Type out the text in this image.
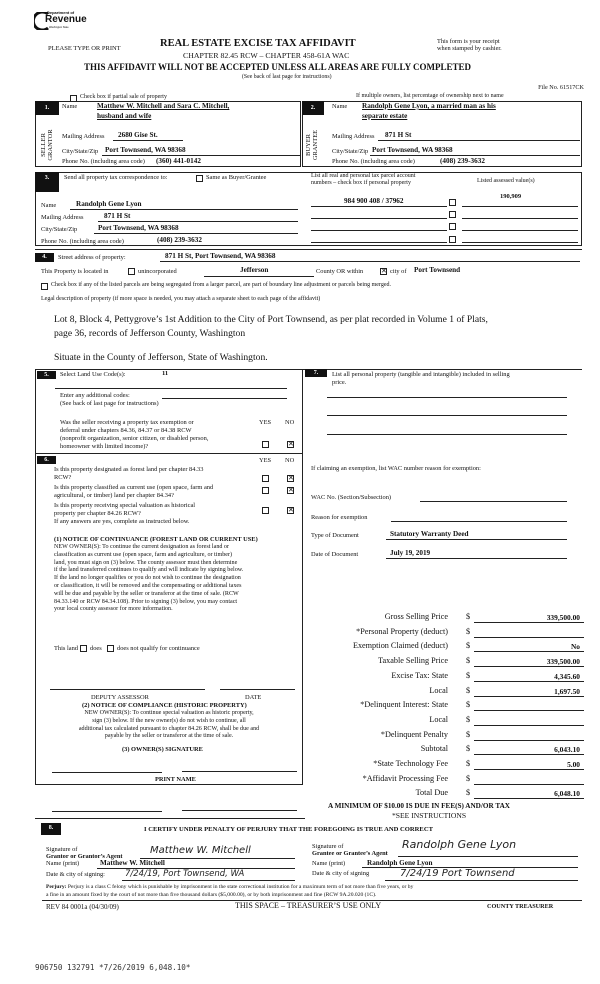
Department of
Revenue
Washington State
PLEASE TYPE OR PRINT	REAL ESTATE EXCISE TAX AFFIDAVIT
CHAPTER 82.45 RCW – CHAPTER 458-61A WAC
This form is your receipt
when stamped by cashier.
THIS AFFIDAVIT WILL NOT BE ACCEPTED UNLESS ALL AREAS ARE FULLY COMPLETED
(See back of last page for instructions)
File No. 61517CK
Check box if partial sale of property	If multiple owners, list percentage of ownership next to name
1.
SELLER GRANTOR
Name	Matthew W. Mitchell and Sara C. Mitchell,
husband and wife
Mailing Address 2680 Gise St.
City/State/Zip Port Townsend, WA 98368
Phone No. (including area code) (360) 441-0142
2.
BUYER GRANTEE
Name Randolph Gene Lyon, a married man as his
separate estate
Mailing Address 871 H St
City/State/Zip Port Townsend, WA 98368
Phone No. (including area code)	(408) 239-3632
3.	Send all property tax correspondence to:	Same as Buyer/Grantee
Name	Randolph Gene Lyon
Mailing Address	871 H St
City/State/Zip	Port Townsend, WA 98368
Phone No. (including area code)	(408) 239-3632
List all real and personal tax parcel account
numbers – check box if personal property	Listed assessed value(s)
984 900 408 / 37962
190,909
4.	Street address of property:	871 H St, Port Townsend, WA 98368
This Property is located in	unincorporated	Jefferson	County OR within	✕ city of Port Townsend
Check box if any of the listed parcels are being segregated from a larger parcel, are part of boundary line adjustment or parcels being merged.
Legal description of property (if more space is needed, you may attach a separate sheet to each page of the affidavit)
Lot 8, Block 4, Pettygrove’s 1st Addition to the City of Port Townsend, as per plat recorded in Volume 1 of Plats,
page 36, records of Jefferson County, Washington
Situate in the County of Jefferson, State of Washington.
5.	Select Land Use Code(s):	11
Enter any additional codes:
(See back of last page for instructions)
Was the seller receiving a property tax exemption or
deferral under chapters 84.36, 84.37 or 84.38 RCW
(nonprofit organization, senior citizen, or disabled person,
homeowner with limited income)?
YES NO
✕
6.	YES NO
Is this property designated as forest land per chapter 84.33
RCW?	✕
Is this property classified as current use (open space, farm and
agricultural, or timber) land per chapter 84.34?
✕
Is this property receiving special valuation as historical
property per chapter 84.26 RCW?	✕
If any answers are yes, complete as instructed below.
(1) NOTICE OF CONTINUANCE (FOREST LAND OR CURRENT USE)
NEW OWNER(S): To continue the current designation as forest land or
classification as current use (open space, farm and agriculture, or timber)
land, you must sign on (3) below. The county assessor must then determine
if the land transferred continues to qualify and will indicate by signing below.
If the land no longer qualifies or you do not wish to continue the designation
or classification, it will be removed and the compensating or additional taxes
will be due and payable by the seller or transferor at the time of sale. (RCW
84.33.140 or RCW 84.34.108). Prior to signing (3) below, you may contact
your local county assessor for more information.
This land does does not qualify for continuance
DEPUTY ASSESSOR	DATE
(2) NOTICE OF COMPLIANCE (HISTORIC PROPERTY)
NEW OWNER(S): To continue special valuation as historic property,
sign (3) below. If the new owner(s) do not wish to continue, all
additional tax calculated pursuant to chapter 84.26 RCW, shall be due and
payable by the seller or transferor at the time of sale.
(3) OWNER(S) SIGNATURE
PRINT NAME
7.	List all personal property (tangible and intangible) included in selling
price.
If claiming an exemption, list WAC number reason for exemption:
WAC No. (Section/Subsection)
Reason for exemption
Type of Document	Statutory Warranty Deed
Date of Document	July 19, 2019
Gross Selling Price $	339,500.00
*Personal Property (deduct) $
Exemption Claimed (deduct) $	No
Taxable Selling Price $	339,500.00
Excise Tax: State $	4,345.60
Local $	1,697.50
*Delinquent Interest: State $
Local $
*Delinquent Penalty $
Subtotal $	6,043.10
*State Technology Fee $	5.00
*Affidavit Processing Fee $
Total Due $	6,048.10
A MINIMUM OF $10.00 IS DUE IN FEE(S) AND/OR TAX
*SEE INSTRUCTIONS
8.	I CERTIFY UNDER PENALTY OF PERJURY THAT THE FOREGOING IS TRUE AND CORRECT
Signature of
Grantor or Grantor’s Agent
Matthew W. Mitchell
Name (print)	Matthew W. Mitchell
Date & city of signing: 7/24/19, Port Townsend, WA
Signature of
Grantee or Grantee’s Agent
Randolph Gene Lyon
Name (print)	Randolph Gene Lyon
Date & city of signing	7/24/19 Port Townsend
Perjury: Perjury is a class C felony which is punishable by imprisonment in the state correctional institution for a maximum term of not more than five years, or by
a fine in an amount fixed by the court of not more than five thousand dollars ($5,000.00), or by both imprisonment and fine (RCW 9A.20.020 (1C).
REV 84 0001a (04/30/09)	THIS SPACE – TREASURER’S USE ONLY	COUNTY TREASURER
906750 132791 *7/26/2019 6,048.10*
